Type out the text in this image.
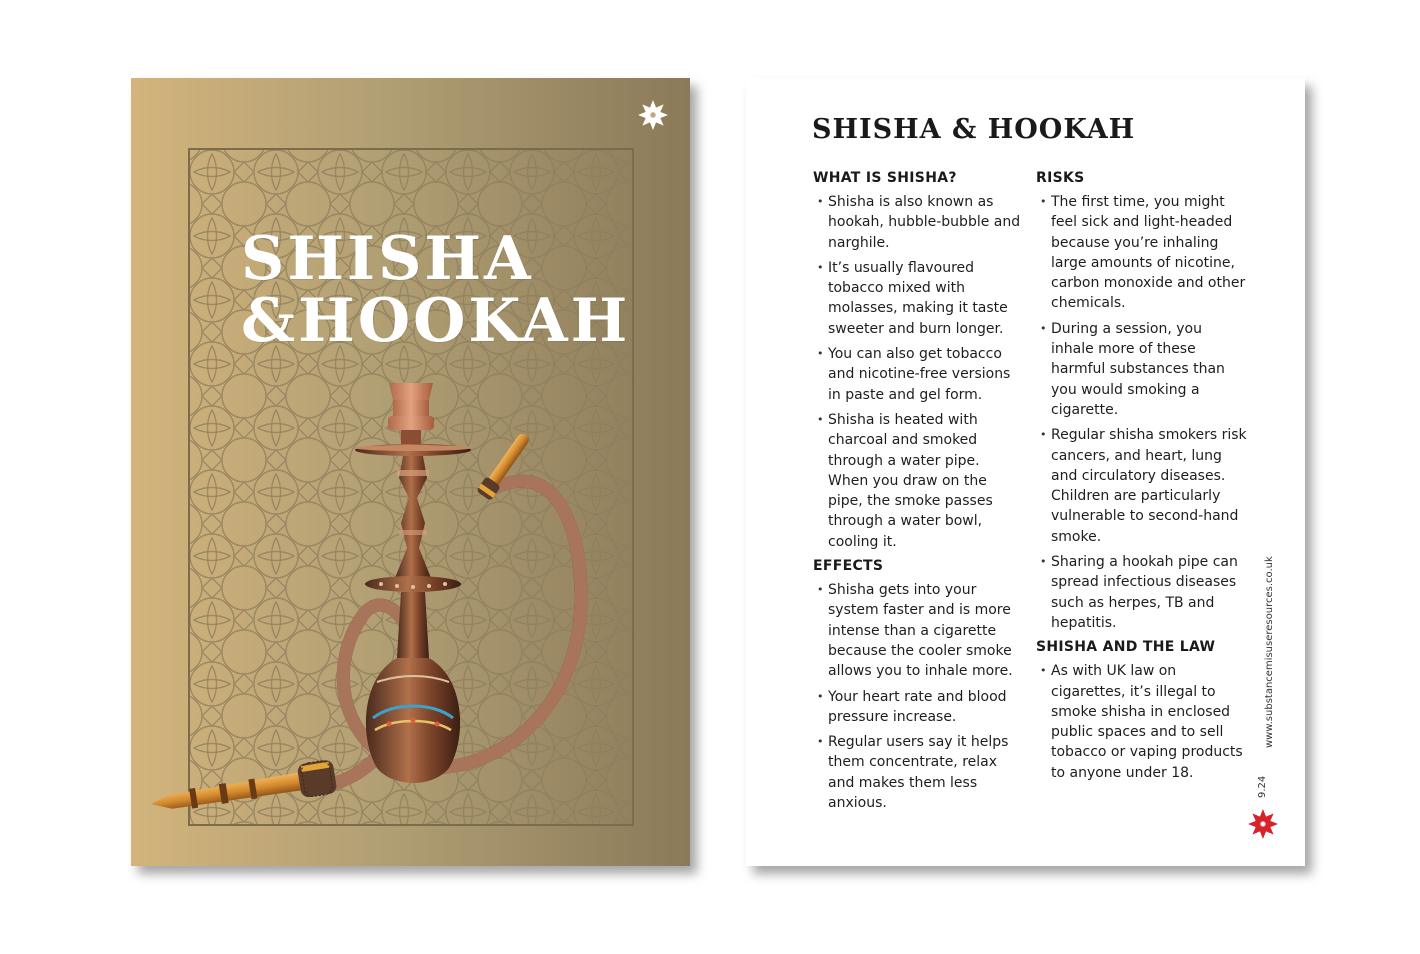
SHISHA
&HOOKAH
SHISHA & HOOKAH
WHAT IS SHISHA?
• Shisha is also known as hookah, hubble-bubble and narghile.
• It’s usually flavoured tobacco mixed with molasses, making it taste sweeter and burn longer.
• You can also get tobacco and nicotine-free versions in paste and gel form.
• Shisha is heated with charcoal and smoked through a water pipe. When you draw on the pipe, the smoke passes through a water bowl, cooling it.
EFFECTS
• Shisha gets into your system faster and is more intense than a cigarette because the cooler smoke allows you to inhale more.
• Your heart rate and blood pressure increase.
• Regular users say it helps them concentrate, relax and makes them less anxious.
RISKS
• The first time, you might feel sick and light-headed because you’re inhaling large amounts of nicotine, carbon monoxide and other chemicals.
• During a session, you inhale more of these harmful substances than you would smoking a cigarette.
• Regular shisha smokers risk cancers, and heart, lung and circulatory diseases. Children are particularly vulnerable to second-hand smoke.
• Sharing a hookah pipe can spread infectious diseases such as herpes, TB and hepatitis.
SHISHA AND THE LAW
• As with UK law on cigarettes, it’s illegal to smoke shisha in enclosed public spaces and to sell tobacco or vaping products to anyone under 18.
www.substancemisuseresources.co.uk
9.24
